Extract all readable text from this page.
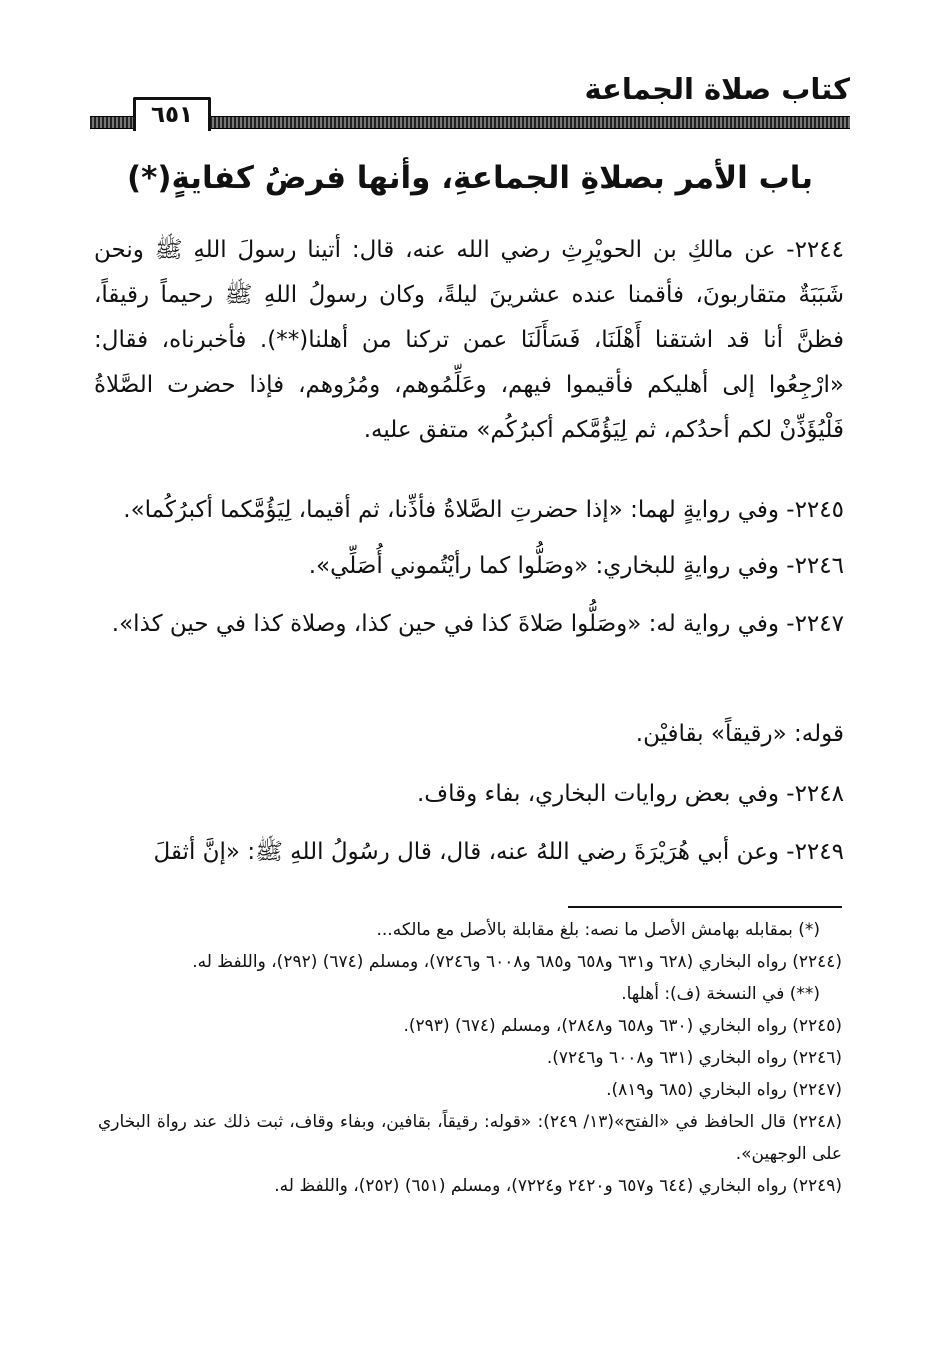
كتاب صلاة الجماعة
٦٥١
باب الأمر بصلاةِ الجماعةِ، وأنها فرضُ كفايةٍ(*)

٢٢٤٤- عن مالكِ بن الحويْرِثِ رضي الله عنه، قال: أتينا رسولَ اللهِ ﷺ ونحن شَبَبَةٌ متقاربونَ، فأقمنا عنده عشرينَ ليلةً، وكان رسولُ اللهِ ﷺ رحيماً رقيقاً، فظنَّ أنا قد اشتقنا أَهْلَنَا، فَسَأَلَنَا عمن تركنا من أهلنا(**). فأخبرناه، فقال: «ارْجِعُوا إلى أهليكم فأقيموا فيهم، وعَلِّمُوهم، ومُرُوهم، فإذا حضرت الصَّلاةُ فَلْيُؤَذِّنْ لكم أحدُكم، ثم لِيَؤُمَّكم أكبرُكُم» متفق عليه.

٢٢٤٥- وفي روايةٍ لهما: «إذا حضرتِ الصَّلاةُ فأذِّنا، ثم أقيما، لِيَؤُمَّكما أكبرُكُما».

٢٢٤٦- وفي روايةٍ للبخاري: «وصَلُّوا كما رأيْتُموني أُصَلِّي».

٢٢٤٧- وفي رواية له: «وصَلُّوا صَلاةَ كذا في حين كذا، وصلاة كذا في حين كذا».

قوله: «رقيقاً» بقافيْن.

٢٢٤٨- وفي بعض روايات البخاري، بفاء وقاف.

٢٢٤٩- وعن أبي هُرَيْرَةَ رضي اللهُ عنه، قال، قال رسُولُ اللهِ ﷺ: «إنَّ أثقلَ

(*) بمقابله بهامش الأصل ما نصه: بلغ مقابلة بالأصل مع مالكه...
(٢٢٤٤) رواه البخاري (٦٢٨ و٦٣١ و٦٥٨ و٦٨٥ و٦٠٠٨ و٧٢٤٦)، ومسلم (٦٧٤) (٢٩٢)، واللفظ له.
(**) في النسخة (ف): أهلها.
(٢٢٤٥) رواه البخاري (٦٣٠ و٦٥٨ و٢٨٤٨)، ومسلم (٦٧٤) (٢٩٣).
(٢٢٤٦) رواه البخاري (٦٣١ و٦٠٠٨ و٧٢٤٦).
(٢٢٤٧) رواه البخاري (٦٨٥ و٨١٩).
(٢٢٤٨) قال الحافظ في «الفتح»(١٣/ ٢٤٩): «قوله: رقيقاً، بقافين، وبفاء وقاف، ثبت ذلك عند رواة البخاري على الوجهين».
(٢٢٤٩) رواه البخاري (٦٤٤ و٦٥٧ و٢٤٢٠ و٧٢٢٤)، ومسلم (٦٥١) (٢٥٢)، واللفظ له.
